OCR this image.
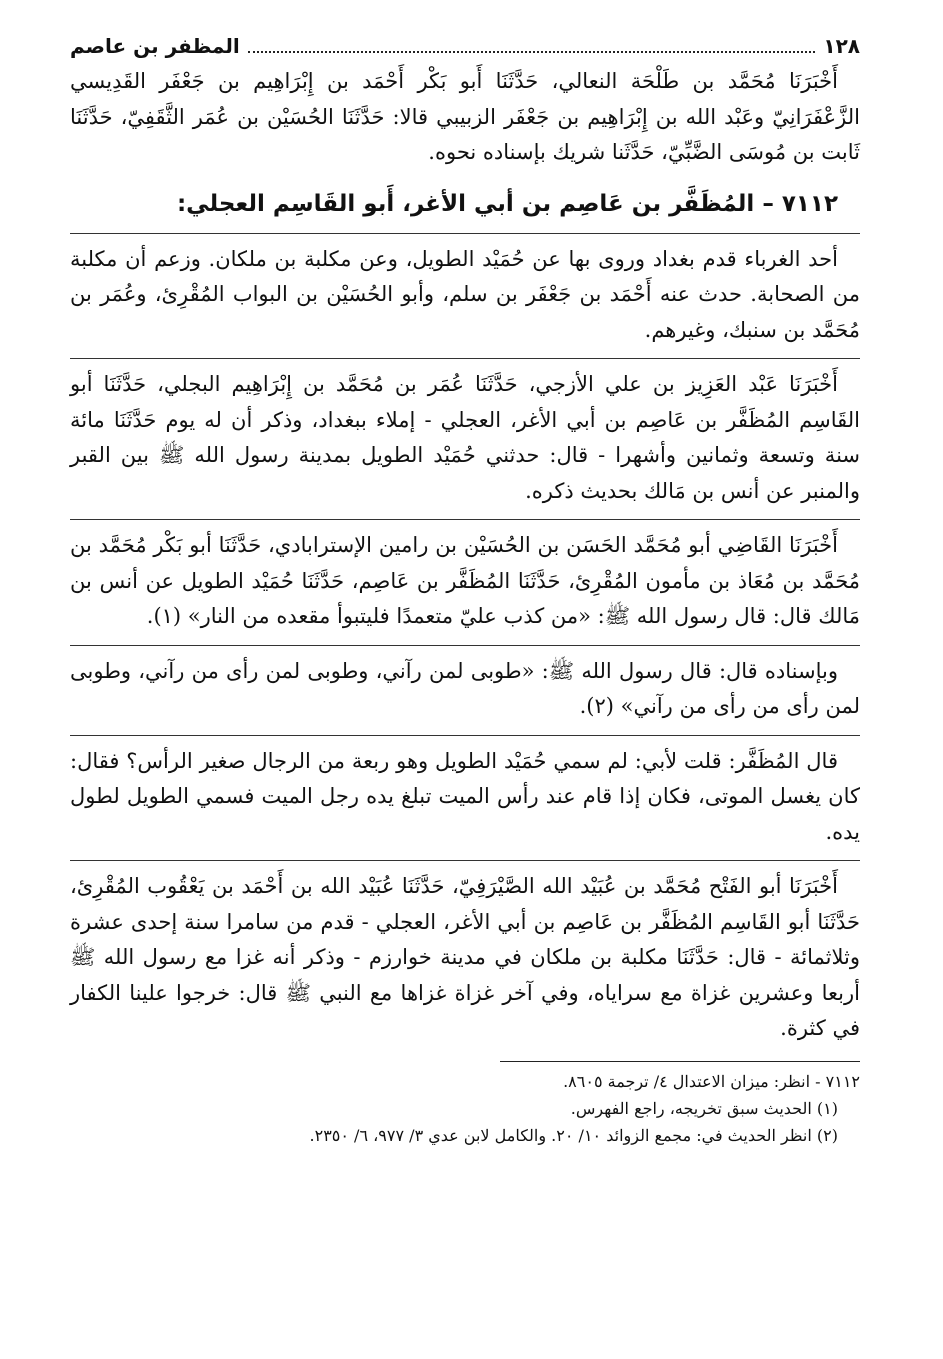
١٢٨
المظفر بن عاصم

أَخْبَرَنَا مُحَمَّد بن طَلْحَة النعالي، حَدَّثَنَا أَبو بَكْر أَحْمَد بن إِبْرَاهِيم بن جَعْفَر القَدِيسي الزَّعْفَرَانِيّ وعَبْد الله بن إِبْرَاهِيم بن جَعْفَر الزبيبي قالا: حَدَّثَنَا الحُسَيْن بن عُمَر الثَّقَفِيّ، حَدَّثَنَا ثَابت بن مُوسَى الضَّبِّيّ، حَدَّثَنا شريك بإسناده نحوه.

٧١١٢ – المُظَفَّر بن عَاصِم بن أبي الأغر، أَبو القَاسِم العجلي:

أحد الغرباء قدم بغداد وروى بها عن حُمَيْد الطويل، وعن مكلبة بن ملكان. وزعم أن مكلبة من الصحابة. حدث عنه أَحْمَد بن جَعْفَر بن سلم، وأبو الحُسَيْن بن البواب المُقْرِئ، وعُمَر بن مُحَمَّد بن سنبك، وغيرهم.

أَخْبَرَنَا عَبْد العَزِيز بن علي الأزجي، حَدَّثَنَا عُمَر بن مُحَمَّد بن إِبْرَاهِيم البجلي، حَدَّثَنَا أبو القَاسِم المُظَفَّر بن عَاصِم بن أبي الأغر، العجلي - إملاء ببغداد، وذكر أن له يوم حَدَّثَنَا مائة سنة وتسعة وثمانين وأشهرا - قال: حدثني حُمَيْد الطويل بمدينة رسول الله ﷺ بين القبر والمنبر عن أنس بن مَالك بحديث ذكره.

أَخْبَرَنَا القَاضِي أبو مُحَمَّد الحَسَن بن الحُسَيْن بن رامين الإسترابادي، حَدَّثَنَا أبو بَكْر مُحَمَّد بن مُحَمَّد بن مُعَاذ بن مأمون المُقْرِئ، حَدَّثَنَا المُظَفَّر بن عَاصِم، حَدَّثَنَا حُمَيْد الطويل عن أنس بن مَالك قال: قال رسول الله ﷺ: «من كذب عليّ متعمدًا فليتبوأ مقعده من النار» (١).

وبإسناده قال: قال رسول الله ﷺ: «طوبى لمن رآني، وطوبى لمن رأى من رآني، وطوبى لمن رأى من رأى من رآني» (٢).

قال المُظَفَّر: قلت لأبي: لم سمي حُمَيْد الطويل وهو ربعة من الرجال صغير الرأس؟ فقال: كان يغسل الموتى، فكان إذا قام عند رأس الميت تبلغ يده رجل الميت فسمي الطويل لطول يده.

أَخْبَرَنَا أبو الفَتْح مُحَمَّد بن عُبَيْد الله الصَّيْرَفِيّ، حَدَّثَنَا عُبَيْد الله بن أَحْمَد بن يَعْقُوب المُقْرِئ، حَدَّثَنَا أبو القَاسِم المُظَفَّر بن عَاصِم بن أبي الأغر، العجلي - قدم من سامرا سنة إحدى عشرة وثلاثمائة - قال: حَدَّثَنَا مكلبة بن ملكان في مدينة خوارزم - وذكر أنه غزا مع رسول الله ﷺ أربعا وعشرين غزاة مع سراياه، وفي آخر غزاة غزاها مع النبي ﷺ قال: خرجوا علينا الكفار في كثرة.

٧١١٢ - انظر: ميزان الاعتدال ٤/ ترجمة ٨٦٠٥.

(١) الحديث سبق تخريجه، راجع الفهرس.

(٢) انظر الحديث في: مجمع الزوائد ١٠/ ٢٠. والكامل لابن عدي ٣/ ٩٧٧، ٦/ ٢٣٥٠.
